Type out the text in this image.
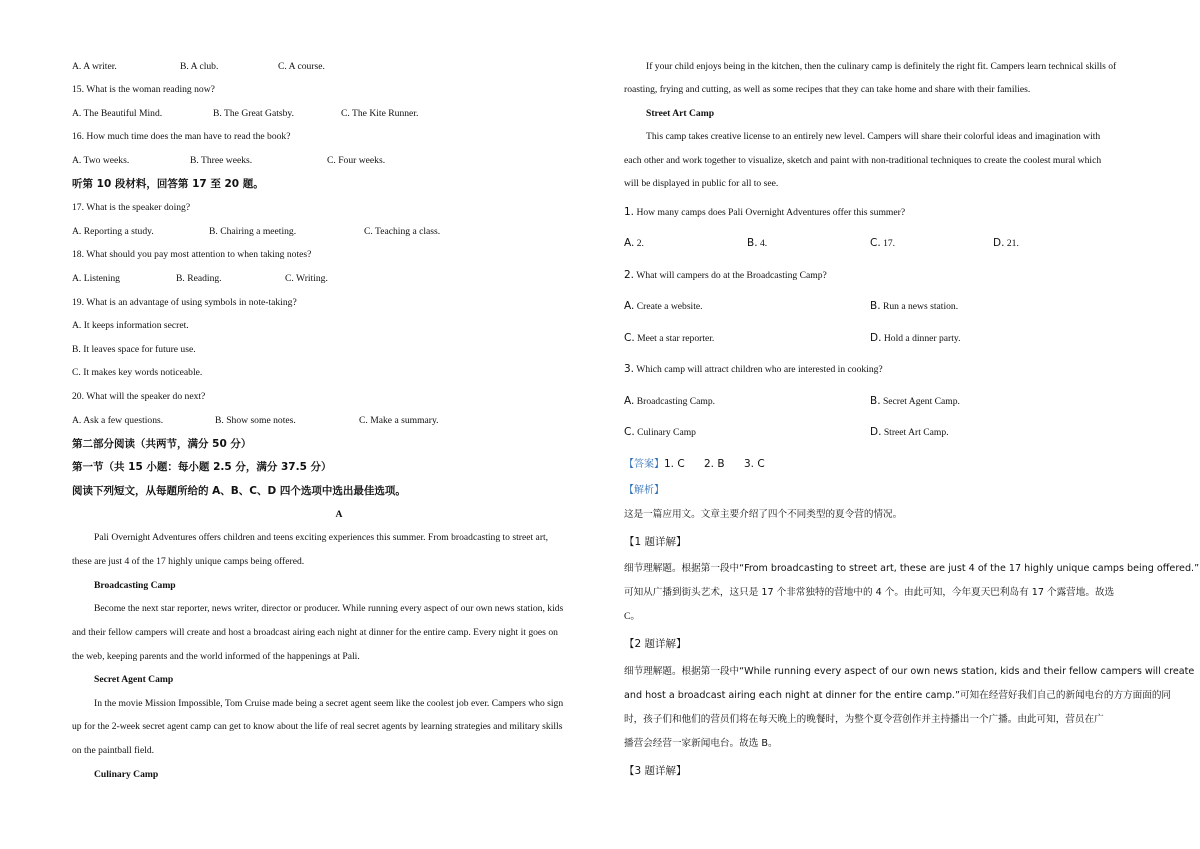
A. A writer.	B. A club.	C. A course.
15. What is the woman reading now?
A. The Beautiful Mind.	B. The Great Gatsby.	C. The Kite Runner.
16. How much time does the man have to read the book?
A. Two weeks.	B. Three weeks.	C. Four weeks.
听第 10 段材料，回答第 17 至 20 题。
17. What is the speaker doing?
A. Reporting a study.	B. Chairing a meeting.	C. Teaching a class.
18. What should you pay most attention to when taking notes?
A. Listening	B. Reading.	C. Writing.
19. What is an advantage of using symbols in note-taking?
A. It keeps information secret.
B. It leaves space for future use.
C. It makes key words noticeable.
20. What will the speaker do next?
A. Ask a few questions.	B. Show some notes.	C. Make a summary.
第二部分阅读（共两节，满分 50 分）
第一节（共 15 小题：每小题 2.5 分，满分 37.5 分）
阅读下列短文，从每题所给的 A、B、C、D 四个选项中选出最佳选项。
A
Pali Overnight Adventures offers children and teens exciting experiences this summer. From broadcasting to street art,
these are just 4 of the 17 highly unique camps being offered.
Broadcasting Camp
Become the next star reporter, news writer, director or producer. While running every aspect of our own news station, kids
and their fellow campers will create and host a broadcast airing each night at dinner for the entire camp. Every night it goes on
the web, keeping parents and the world informed of the happenings at Pali.
Secret Agent Camp
In the movie Mission Impossible, Tom Cruise made being a secret agent seem like the coolest job ever. Campers who sign
up for the 2-week secret agent camp can get to know about the life of real secret agents by learning strategies and military skills
on the paintball field.
Culinary Camp
If your child enjoys being in the kitchen, then the culinary camp is definitely the right fit. Campers learn technical skills of
roasting, frying and cutting, as well as some recipes that they can take home and share with their families.
Street Art Camp
This camp takes creative license to an entirely new level. Campers will share their colorful ideas and imagination with
each other and work together to visualize, sketch and paint with non-traditional techniques to create the coolest mural which
will be displayed in public for all to see.
1. How many camps does Pali Overnight Adventures offer this summer?
A. 2.	B. 4.	C. 17.	D. 21.
2. What will campers do at the Broadcasting Camp?
A. Create a website.	B. Run a news station.
C. Meet a star reporter.	D. Hold a dinner party.
3. Which camp will attract children who are interested in cooking?
A. Broadcasting Camp.	B. Secret Agent Camp.
C. Culinary Camp	D. Street Art Camp.
【答案】1. C 2. B 3. C
【解析】
这是一篇应用文。文章主要介绍了四个不同类型的夏令营的情况。
【1 题详解】
细节理解题。根据第一段中“From broadcasting to street art, these are just 4 of the 17 highly unique camps being offered.”
可知从广播到街头艺术，这只是 17 个非常独特的营地中的 4 个。由此可知，今年夏天巴利岛有 17 个露营地。故选
C。
【2 题详解】
细节理解题。根据第一段中“While running every aspect of our own news station, kids and their fellow campers will create
and host a broadcast airing each night at dinner for the entire camp.”可知在经营好我们自己的新闻电台的方方面面的同
时，孩子们和他们的营员们将在每天晚上的晚餐时，为整个夏令营创作并主持播出一个广播。由此可知，营员在广
播营会经营一家新闻电台。故选 B。
【3 题详解】
